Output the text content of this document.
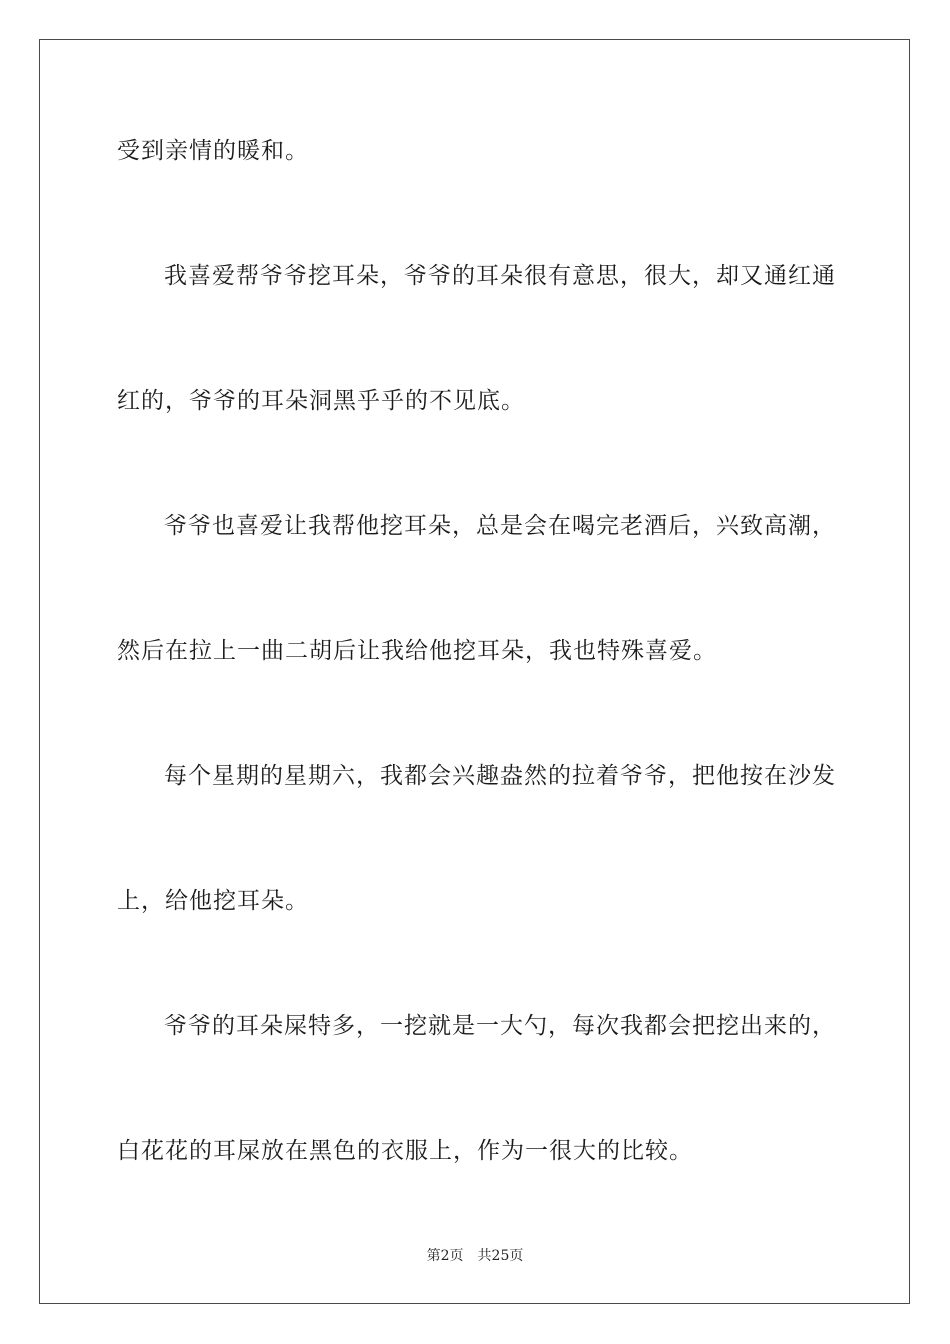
受到亲情的暖和。
我喜爱帮爷爷挖耳朵，爷爷的耳朵很有意思，很大，却又通红通
红的，爷爷的耳朵洞黑乎乎的不见底。
爷爷也喜爱让我帮他挖耳朵，总是会在喝完老酒后，兴致高潮，
然后在拉上一曲二胡后让我给他挖耳朵，我也特殊喜爱。
每个星期的星期六，我都会兴趣盎然的拉着爷爷，把他按在沙发
上，给他挖耳朵。
爷爷的耳朵屎特多，一挖就是一大勺，每次我都会把挖出来的，
白花花的耳屎放在黑色的衣服上，作为一很大的比较。
第2页 共25页
